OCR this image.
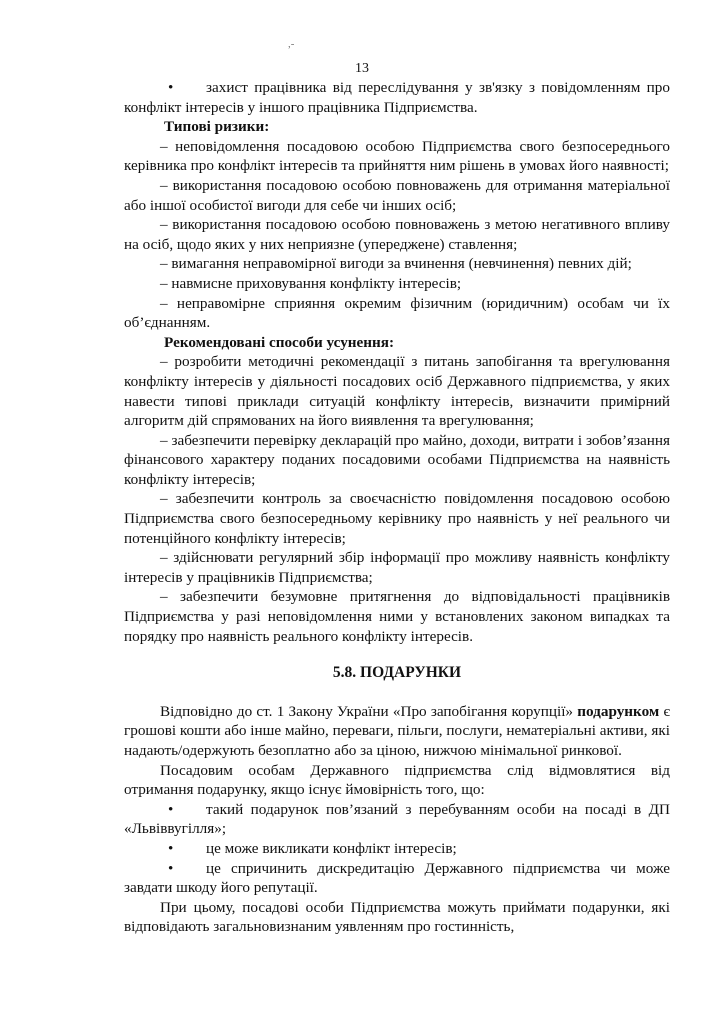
,-
13

• захист працівника від переслідування у зв'язку з повідомленням про конфлікт інтересів у іншого працівника Підприємства.

Типові ризики:

– неповідомлення посадовою особою Підприємства свого безпосереднього керівника про конфлікт інтересів та прийняття ним рішень в умовах його наявності;

– використання посадовою особою повноважень для отримання матеріальної або іншої особистої вигоди для себе чи інших осіб;

– використання посадовою особою повноважень з метою негативного впливу на осіб, щодо яких у них неприязне (упереджене) ставлення;

– вимагання неправомірної вигоди за вчинення (невчинення) певних дій;

– навмисне приховування конфлікту інтересів;

– неправомірне сприяння окремим фізичним (юридичним) особам чи їх об’єднанням.

Рекомендовані способи усунення:

– розробити методичні рекомендації з питань запобігання та врегулювання конфлікту інтересів у діяльності посадових осіб Державного підприємства, у яких навести типові приклади ситуацій конфлікту інтересів, визначити примірний алгоритм дій спрямованих на його виявлення та врегулювання;

– забезпечити перевірку декларацій про майно, доходи, витрати і зобов’язання фінансового характеру поданих посадовими особами Підприємства на наявність конфлікту інтересів;

– забезпечити контроль за своєчасністю повідомлення посадовою особою Підприємства свого безпосередньому керівнику про наявність у неї реального чи потенційного конфлікту інтересів;

– здійснювати регулярний збір інформації про можливу наявність конфлікту інтересів у працівників Підприємства;

– забезпечити безумовне притягнення до відповідальності працівників Підприємства у разі неповідомлення ними у встановлених законом випадках та порядку про наявність реального конфлікту інтересів.

5.8. ПОДАРУНКИ

Відповідно до ст. 1 Закону України «Про запобігання корупції» подарунком є грошові кошти або інше майно, переваги, пільги, послуги, нематеріальні активи, які надають/одержують безоплатно або за ціною, нижчою мінімальної ринкової.

Посадовим особам Державного підприємства слід відмовлятися від отримання подарунку, якщо існує ймовірність того, що:

• такий подарунок пов’язаний з перебуванням особи на посаді в ДП «Львіввугілля»;

• це може викликати конфлікт інтересів;

• це спричинить дискредитацію Державного підприємства чи може завдати шкоду його репутації.

При цьому, посадові особи Підприємства можуть приймати подарунки, які відповідають загальновизнаним уявленням про гостинність,
